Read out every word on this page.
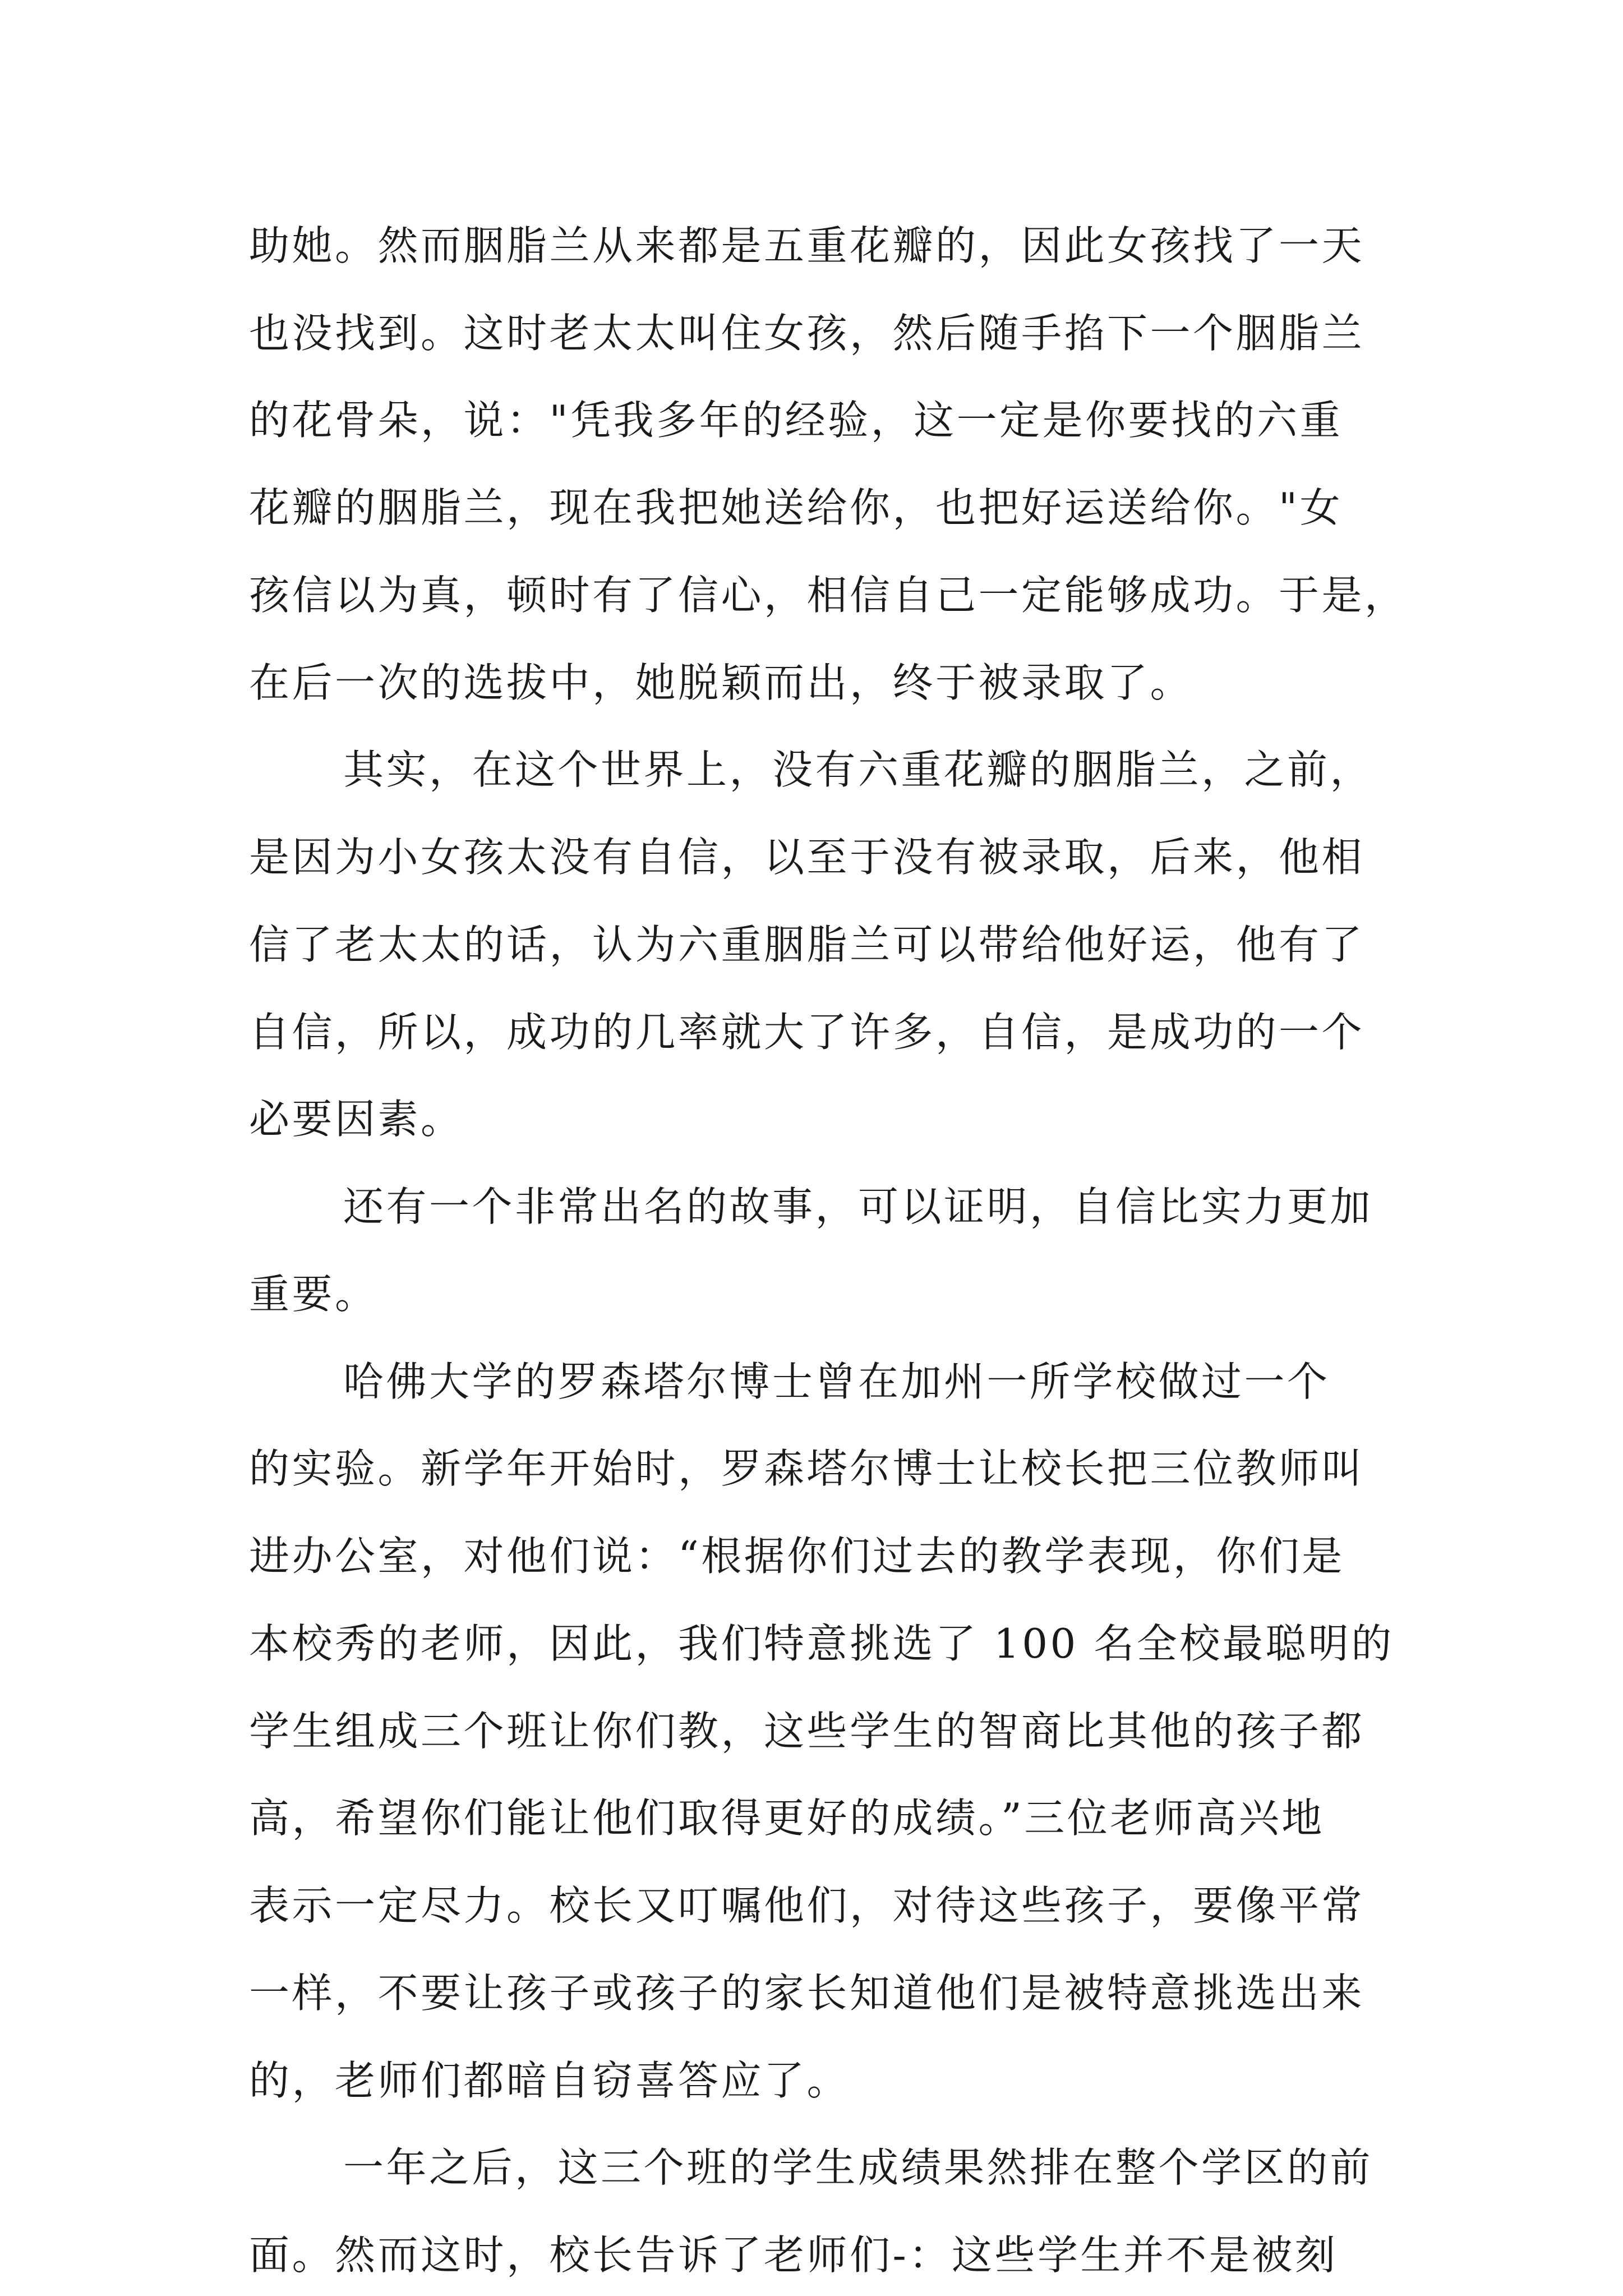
助她。然而胭脂兰从来都是五重花瓣的，因此女孩找了一天
也没找到。这时老太太叫住女孩，然后随手掐下一个胭脂兰
的花骨朵，说："凭我多年的经验，这一定是你要找的六重
花瓣的胭脂兰，现在我把她送给你，也把好运送给你。"女
孩信以为真，顿时有了信心，相信自己一定能够成功。于是，
在后一次的选拔中，她脱颖而出，终于被录取了。
其实，在这个世界上，没有六重花瓣的胭脂兰，之前，
是因为小女孩太没有自信，以至于没有被录取，后来，他相
信了老太太的话，认为六重胭脂兰可以带给他好运，他有了
自信，所以，成功的几率就大了许多，自信，是成功的一个
必要因素。
还有一个非常出名的故事，可以证明，自信比实力更加
重要。
哈佛大学的罗森塔尔博士曾在加州一所学校做过一个
的实验。新学年开始时，罗森塔尔博士让校长把三位教师叫
进办公室，对他们说：“根据你们过去的教学表现，你们是
本校秀的老师，因此，我们特意挑选了 100 名全校最聪明的
学生组成三个班让你们教，这些学生的智商比其他的孩子都
高，希望你们能让他们取得更好的成绩。”三位老师高兴地
表示一定尽力。校长又叮嘱他们，对待这些孩子，要像平常
一样，不要让孩子或孩子的家长知道他们是被特意挑选出来
的，老师们都暗自窃喜答应了。
一年之后，这三个班的学生成绩果然排在整个学区的前
面。然而这时，校长告诉了老师们-：这些学生并不是被刻
